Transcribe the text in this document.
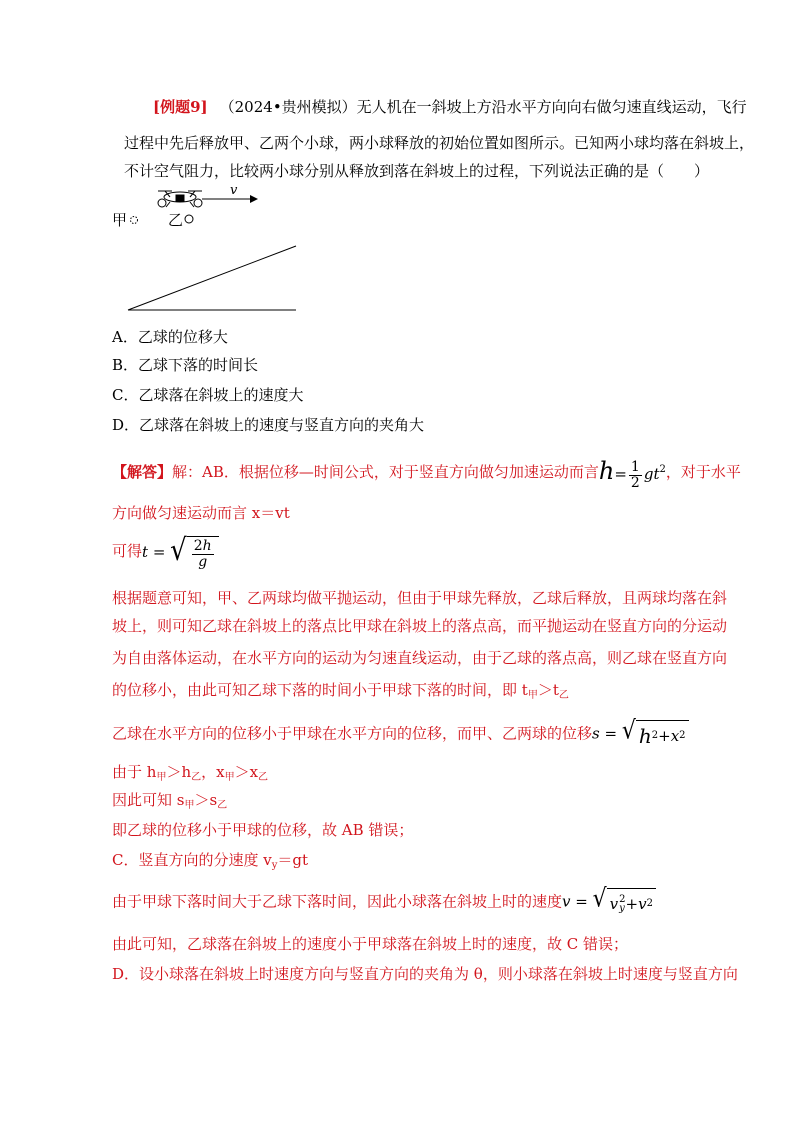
[例题9] （2024•贵州模拟）无人机在一斜坡上方沿水平方向向右做匀速直线运动，飞行
过程中先后释放甲、乙两个小球，两小球释放的初始位置如图所示。已知两小球均落在斜坡上，
不计空气阻力，比较两小球分别从释放到落在斜坡上的过程，下列说法正确的是（　　）
v
甲	乙
A．乙球的位移大
B．乙球下落的时间长
C．乙球落在斜坡上的速度大
D．乙球落在斜坡上的速度与竖直方向的夹角大
【解答】解：AB．根据位移—时间公式，对于竖直方向做匀加速运动而言$h= \frac{1}{2} gt^2$，对于水平
方向做匀速运动而言 x＝vt
可得t = √ $\frac{2h}{g}$
根据题意可知，甲、乙两球均做平抛运动，但由于甲球先释放，乙球后释放，且两球均落在斜
坡上，则可知乙球在斜坡上的落点比甲球在斜坡上的落点高，而平抛运动在竖直方向的分运动
为自由落体运动，在水平方向的运动为匀速直线运动，由于乙球的落点高，则乙球在竖直方向
的位移小，由此可知乙球下落的时间小于甲球下落的时间，即 $t_甲>t_乙$
乙球在水平方向的位移小于甲球在水平方向的位移，而甲、乙两球的位移s = √ h 2 + x 2
由于 $h_甲>h_乙$，$x_甲>x_乙$
因此可知 $s_甲>s_乙$
即乙球的位移小于甲球的位移，故 AB 错误；
C．竖直方向的分速度 $v_y=gt$
由于甲球下落时间大于乙球下落时间，因此小球落在斜坡上时的速度v = √ v 2
y + v 2
由此可知，乙球落在斜坡上的速度小于甲球落在斜坡上时的速度，故 C 错误；
D．设小球落在斜坡上时速度方向与竖直方向的夹角为 θ，则小球落在斜坡上时速度与竖直方向
